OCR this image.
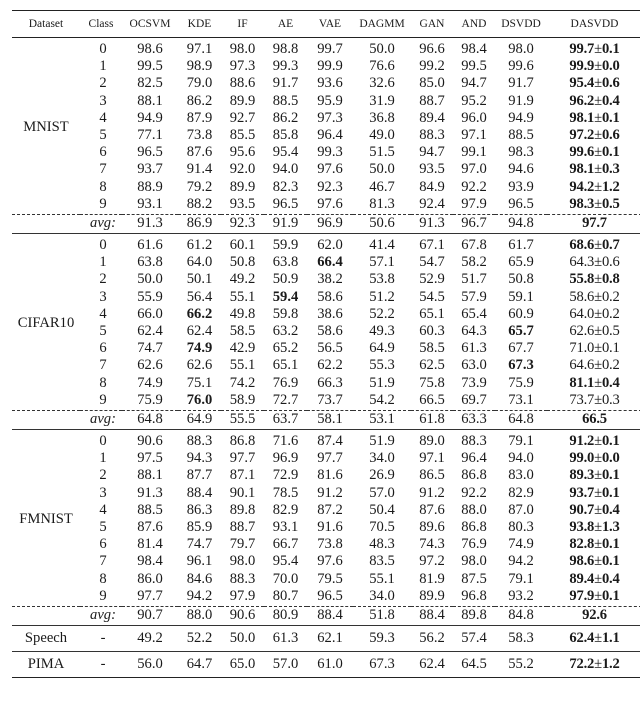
Dataset	Class	OCSVM	KDE	IF	AE	VAE	DAGMM	GAN	AND	DSVDD	DASVDD
MNIST	0	98.6	97.1	98.0	98.8	99.7	50.0	96.6	98.4	98.0	99.7±0.1
	1	99.5	98.9	97.3	99.3	99.9	76.6	99.2	99.5	99.6	99.9±0.0
	2	82.5	79.0	88.6	91.7	93.6	32.6	85.0	94.7	91.7	95.4±0.6
	3	88.1	86.2	89.9	88.5	95.9	31.9	88.7	95.2	91.9	96.2±0.4
	4	94.9	87.9	92.7	86.2	97.3	36.8	89.4	96.0	94.9	98.1±0.1
	5	77.1	73.8	85.5	85.8	96.4	49.0	88.3	97.1	88.5	97.2±0.6
	6	96.5	87.6	95.6	95.4	99.3	51.5	94.7	99.1	98.3	99.6±0.1
	7	93.7	91.4	92.0	94.0	97.6	50.0	93.5	97.0	94.6	98.1±0.3
	8	88.9	79.2	89.9	82.3	92.3	46.7	84.9	92.2	93.9	94.2±1.2
	9	93.1	88.2	93.5	96.5	97.6	81.3	92.4	97.9	96.5	98.3±0.5
	avg:	91.3	86.9	92.3	91.9	96.9	50.6	91.3	96.7	94.8	97.7
CIFAR10	0	61.6	61.2	60.1	59.9	62.0	41.4	67.1	67.8	61.7	68.6±0.7
	1	63.8	64.0	50.8	63.8	66.4	57.1	54.7	58.2	65.9	64.3±0.6
	2	50.0	50.1	49.2	50.9	38.2	53.8	52.9	51.7	50.8	55.8±0.8
	3	55.9	56.4	55.1	59.4	58.6	51.2	54.5	57.9	59.1	58.6±0.2
	4	66.0	66.2	49.8	59.8	38.6	52.2	65.1	65.4	60.9	64.0±0.2
	5	62.4	62.4	58.5	63.2	58.6	49.3	60.3	64.3	65.7	62.6±0.5
	6	74.7	74.9	42.9	65.2	56.5	64.9	58.5	61.3	67.7	71.0±0.1
	7	62.6	62.6	55.1	65.1	62.2	55.3	62.5	63.0	67.3	64.6±0.2
	8	74.9	75.1	74.2	76.9	66.3	51.9	75.8	73.9	75.9	81.1±0.4
	9	75.9	76.0	58.9	72.7	73.7	54.2	66.5	69.7	73.1	73.7±0.3
	avg:	64.8	64.9	55.5	63.7	58.1	53.1	61.8	63.3	64.8	66.5
FMNIST	0	90.6	88.3	86.8	71.6	87.4	51.9	89.0	88.3	79.1	91.2±0.1
	1	97.5	94.3	97.7	96.9	97.7	34.0	97.1	96.4	94.0	99.0±0.0
	2	88.1	87.7	87.1	72.9	81.6	26.9	86.5	86.8	83.0	89.3±0.1
	3	91.3	88.4	90.1	78.5	91.2	57.0	91.2	92.2	82.9	93.7±0.1
	4	88.5	86.3	89.8	82.9	87.2	50.4	87.6	88.0	87.0	90.7±0.4
	5	87.6	85.9	88.7	93.1	91.6	70.5	89.6	86.8	80.3	93.8±1.3
	6	81.4	74.7	79.7	66.7	73.8	48.3	74.3	76.9	74.9	82.8±0.1
	7	98.4	96.1	98.0	95.4	97.6	83.5	97.2	98.0	94.2	98.6±0.1
	8	86.0	84.6	88.3	70.0	79.5	55.1	81.9	87.5	79.1	89.4±0.4
	9	97.7	94.2	97.9	80.7	96.5	34.0	89.9	96.8	93.2	97.9±0.1
	avg:	90.7	88.0	90.6	80.9	88.4	51.8	88.4	89.8	84.8	92.6
Speech	-	49.2	52.2	50.0	61.3	62.1	59.3	56.2	57.4	58.3	62.4±1.1
PIMA	-	56.0	64.7	65.0	57.0	61.0	67.3	62.4	64.5	55.2	72.2±1.2
